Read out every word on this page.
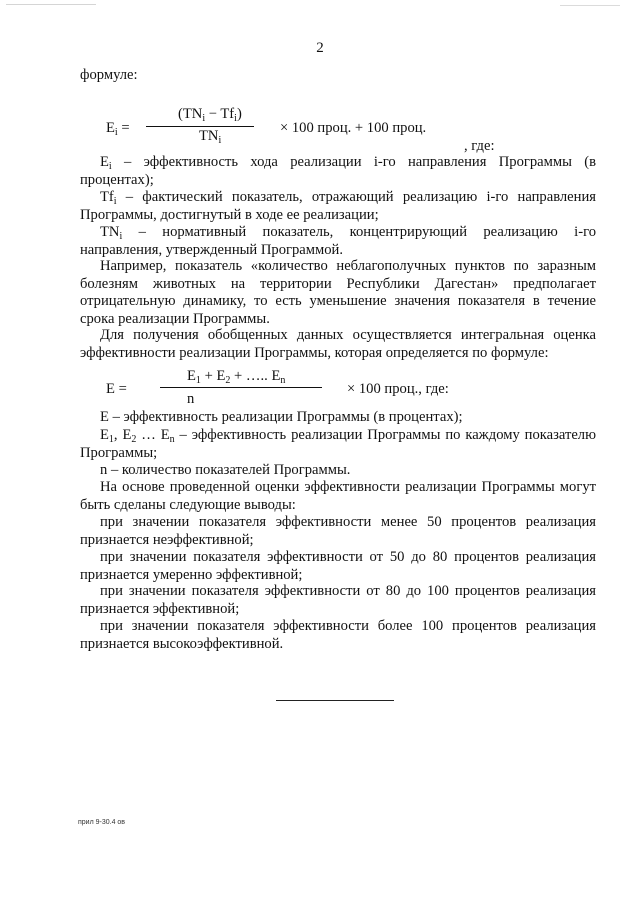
2
формуле:
$E_i$ =
$(TN_i - Tf_i)$
$TN_i$
× 100 проц. + 100 проц.
, где:
$E_i$ – эффективность хода реализации i-го направления Программы (в процентах);
$Tf_i$ – фактический показатель, отражающий реализацию i-го направления Программы, достигнутый в ходе ее реализации;
$TN_i$ – нормативный показатель, концентрирующий реализацию i-го направления, утвержденный Программой.
Например, показатель «количество неблагополучных пунктов по заразным болезням животных на территории Республики Дагестан» предполагает отрицательную динамику, то есть уменьшение значения показателя в течение срока реализации Программы.
Для получения обобщенных данных осуществляется интегральная оценка эффективности реализации Программы, которая определяется по формуле:
E =
$E_1 + E_2$ + ….. $E_n$
n
× 100 проц., где:
E – эффективность реализации Программы (в процентах);
$E_1$, $E_2$ … $E_n$ – эффективность реализации Программы по каждому показателю Программы;
n – количество показателей Программы.
На основе проведенной оценки эффективности реализации Программы могут быть сделаны следующие выводы:
при значении показателя эффективности менее 50 процентов реализация признается неэффективной;
при значении показателя эффективности от 50 до 80 процентов реализация признается умеренно эффективной;
при значении показателя эффективности от 80 до 100 процентов реализация признается эффективной;
при значении показателя эффективности более 100 процентов реализация признается высокоэффективной.
прил 9-30.4 ов
